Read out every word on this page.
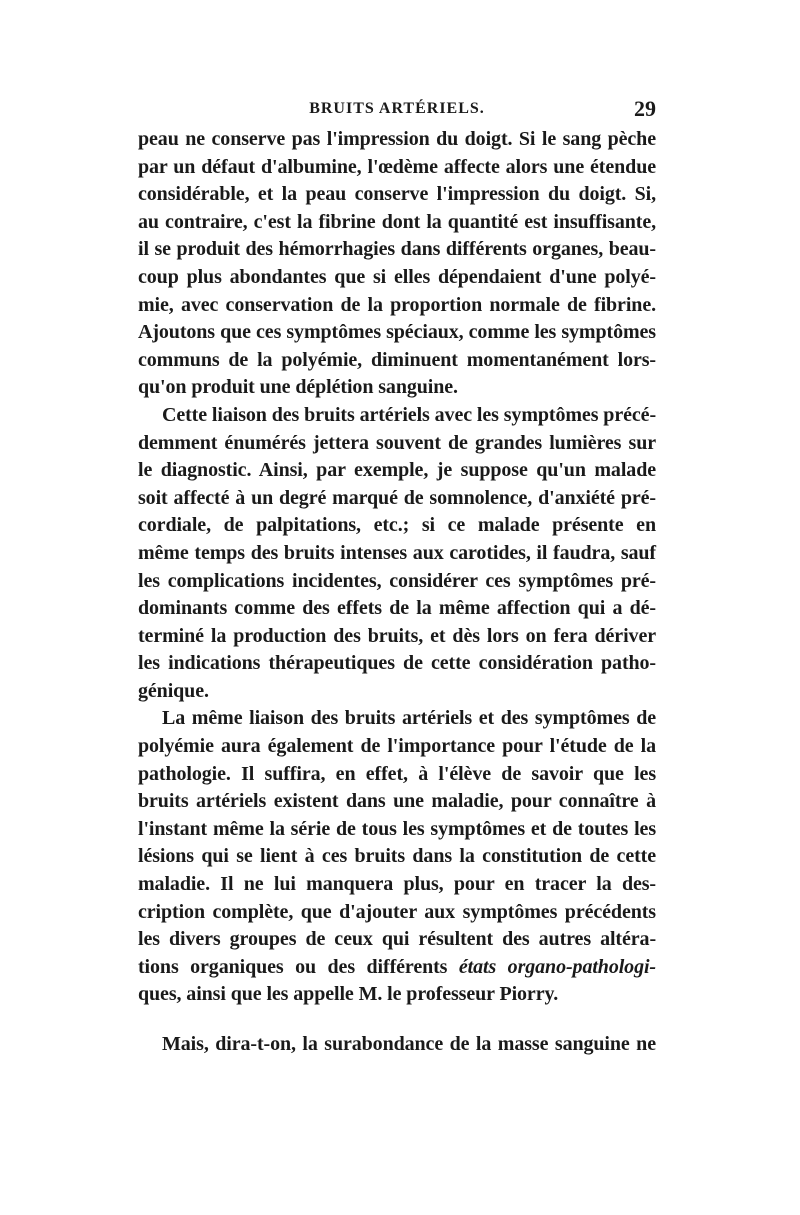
BRUITS ARTÉRIELS.	29
peau ne conserve pas l'impression du doigt. Si le sang pèche
par un défaut d'albumine, l'œdème affecte alors une étendue
considérable, et la peau conserve l'impression du doigt. Si,
au contraire, c'est la fibrine dont la quantité est insuffisante,
il se produit des hémorrhagies dans différents organes, beau-
coup plus abondantes que si elles dépendaient d'une polyé-
mie, avec conservation de la proportion normale de fibrine.
Ajoutons que ces symptômes spéciaux, comme les symptômes
communs de la polyémie, diminuent momentanément lors-
qu'on produit une déplétion sanguine.
Cette liaison des bruits artériels avec les symptômes précé-
demment énumérés jettera souvent de grandes lumières sur
le diagnostic. Ainsi, par exemple, je suppose qu'un malade
soit affecté à un degré marqué de somnolence, d'anxiété pré-
cordiale, de palpitations, etc.; si ce malade présente en
même temps des bruits intenses aux carotides, il faudra, sauf
les complications incidentes, considérer ces symptômes pré-
dominants comme des effets de la même affection qui a dé-
terminé la production des bruits, et dès lors on fera dériver
les indications thérapeutiques de cette considération patho-
génique.
La même liaison des bruits artériels et des symptômes de
polyémie aura également de l'importance pour l'étude de la
pathologie. Il suffira, en effet, à l'élève de savoir que les
bruits artériels existent dans une maladie, pour connaître à
l'instant même la série de tous les symptômes et de toutes les
lésions qui se lient à ces bruits dans la constitution de cette
maladie. Il ne lui manquera plus, pour en tracer la des-
cription complète, que d'ajouter aux symptômes précédents
les divers groupes de ceux qui résultent des autres altéra-
tions organiques ou des différents états organo-pathologi-
ques, ainsi que les appelle M. le professeur Piorry.
Mais, dira-t-on, la surabondance de la masse sanguine ne
